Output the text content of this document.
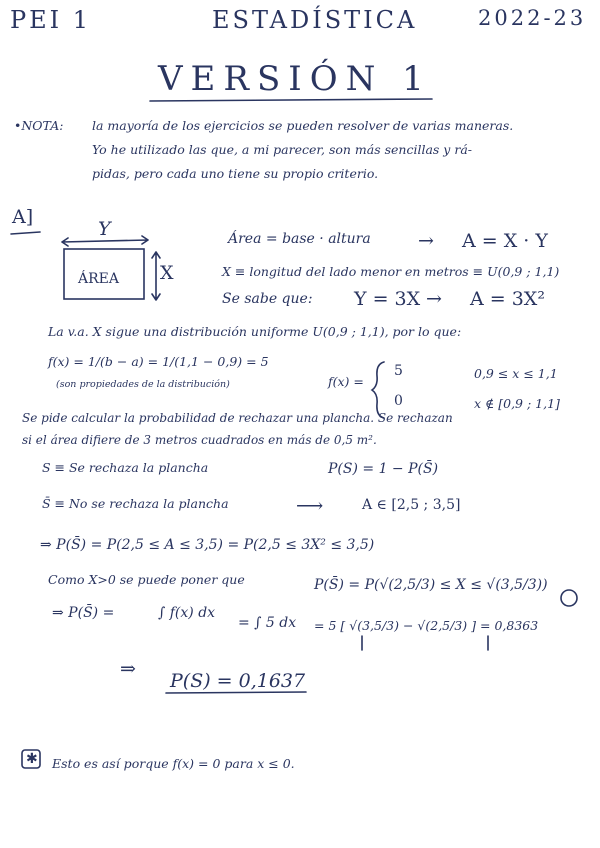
PEI 1	ESTADÍSTICA	2022-23
VERSIÓN 1
•NOTA: la mayoría de los ejercicios se pueden resolver de varias maneras.
Yo he utilizado las que, a mi parecer, son más sencillas y rá-
pidas, pero cada uno tiene su propio criterio.
A]
Y
ÁREA X
Área = base · altura → A = X · Y
X ≡ longitud del lado menor en metros ≡ U(0,9 ; 1,1)
Se sabe que: Y = 3X → A = 3X²
La v.a. X sigue una distribución uniforme U(0,9 ; 1,1), por lo que:
f(x) = 1/(b − a) = 1/(1,1 − 0,9) = 5
(son propiedades de la distribución)	f(x) =
5	0,9 ≤ x ≤ 1,1
0	x ∉ [0,9 ; 1,1]
Se pide calcular la probabilidad de rechazar una plancha. Se rechazan
si el área difiere de 3 metros cuadrados en más de 0,5 m².
S ≡ Se rechaza la plancha	P(S) = 1 − P(S̄)
S̄ ≡ No se rechaza la plancha	⟶	A ∈ [2,5 ; 3,5]
⇒ P(S̄) = P(2,5 ≤ A ≤ 3,5) = P(2,5 ≤ 3X² ≤ 3,5)
Como X>0 se puede poner que	P(S̄) = P(√(2,5/3) ≤ X ≤ √(3,5/3))
⇒ P(S̄) =	∫ f(x) dx
= ∫ 5 dx = 5 [ √(3,5/3) − √(2,5/3) ] = 0,8363
⇒
P(S) = 0,1637
✱ Esto es así porque f(x) = 0 para x ≤ 0.
